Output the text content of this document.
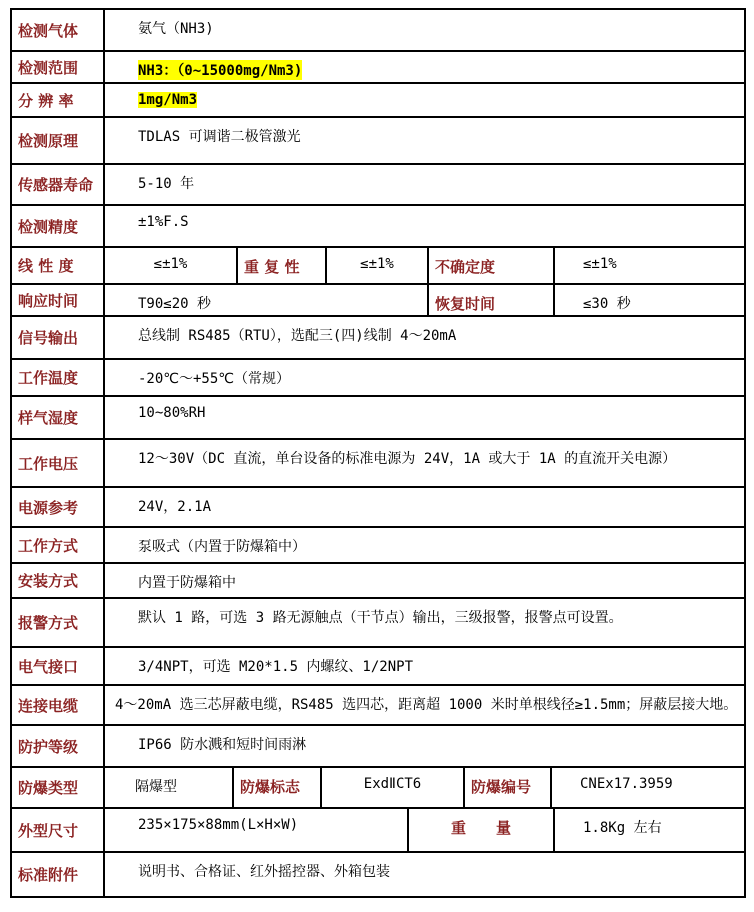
检测气体	氨气（NH3)
检测范围	NH3：（0~15000mg/Nm3)
分 辨 率	1mg/Nm3
检测原理	TDLAS 可调谐二极管激光
传感器寿命	5-10 年
检测精度	±1%F.S
线 性 度	≤±1%	重 复 性	≤±1%	不确定度	≤±1%
响应时间	T90≤20 秒	恢复时间	≤30 秒
信号输出	总线制 RS485（RTU），选配三(四)线制 4～20mA
工作温度	-20℃～+55℃（常规）
样气湿度	10~80%RH
工作电压	12～30V（DC 直流，单台设备的标准电源为 24V，1A 或大于 1A 的直流开关电源）
电源参考	24V，2.1A
工作方式	泵吸式（内置于防爆箱中）
安装方式	内置于防爆箱中
报警方式	默认 1 路，可选 3 路无源触点（干节点）输出，三级报警，报警点可设置。
电气接口	3/4NPT，可选 M20*1.5 内螺纹、1/2NPT
连接电缆	4～20mA 选三芯屏蔽电缆，RS485 选四芯，距离超 1000 米时单根线径≥1.5mm；屏蔽层接大地。
防护等级	IP66 防水溅和短时间雨淋
防爆类型	隔爆型	防爆标志	ExdⅡCT6	防爆编号	CNEx17.3959
外型尺寸	235×175×88mm(L×H×W)	重　　量	1.8Kg 左右
标准附件	说明书、合格证、红外摇控器、外箱包装
